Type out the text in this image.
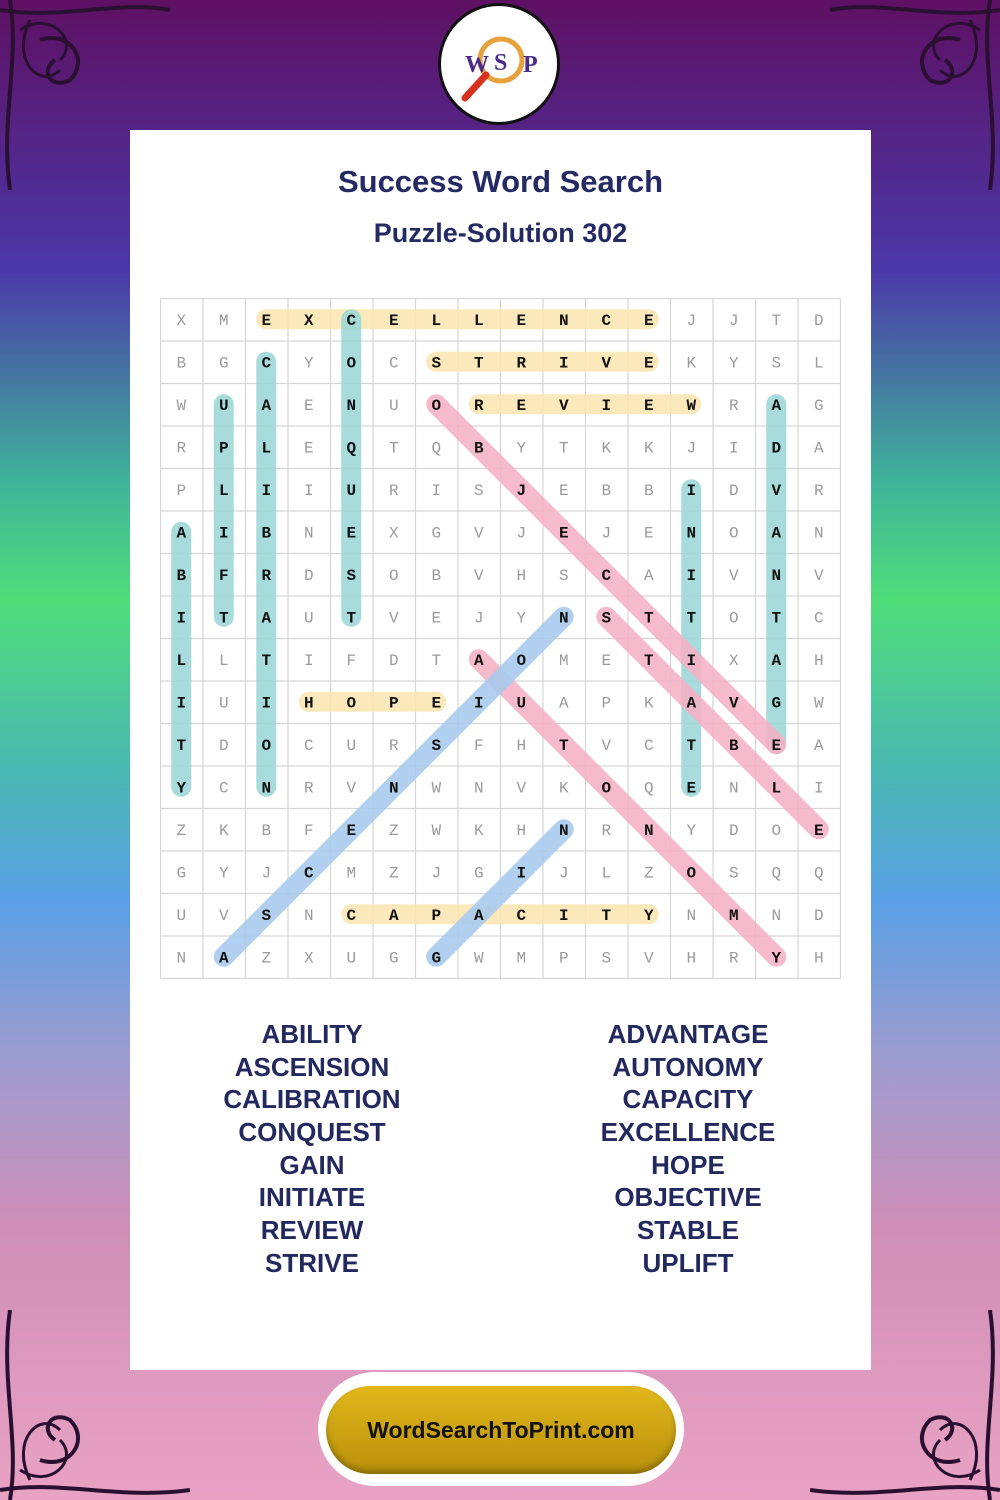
W S P
Success Word Search
Puzzle-Solution 302
X M E X C E L L E N C E J J T D
B G C Y O C S T R I V E K Y S L
W U A E N U O R E V I E W R A G
R P L E Q T Q B Y T K K J I D A
P L I I U R I S J E B B I D V R
A I B N E X G V J E J E N O A N
B F R D S O B V H S C A I V N V
I T A U T V E J Y N S T T O T C
L L T I F D T A O M E T I X A H
I U I H O P E I U A P K A V G W
T D O C U R S F H T V C T B E A
Y C N R V N W N V K O Q E N L I
Z K B F E Z W K H N R N Y D O E
G Y J C M Z J G I J L Z O S Q Q
U V S N C A P A C I T Y N M N D
N A Z X U G G W M P S V H R Y H
ABILITY
ASCENSION
CALIBRATION
CONQUEST
GAIN
INITIATE
REVIEW
STRIVE
ADVANTAGE
AUTONOMY
CAPACITY
EXCELLENCE
HOPE
OBJECTIVE
STABLE
UPLIFT
WordSearchToPrint.com
